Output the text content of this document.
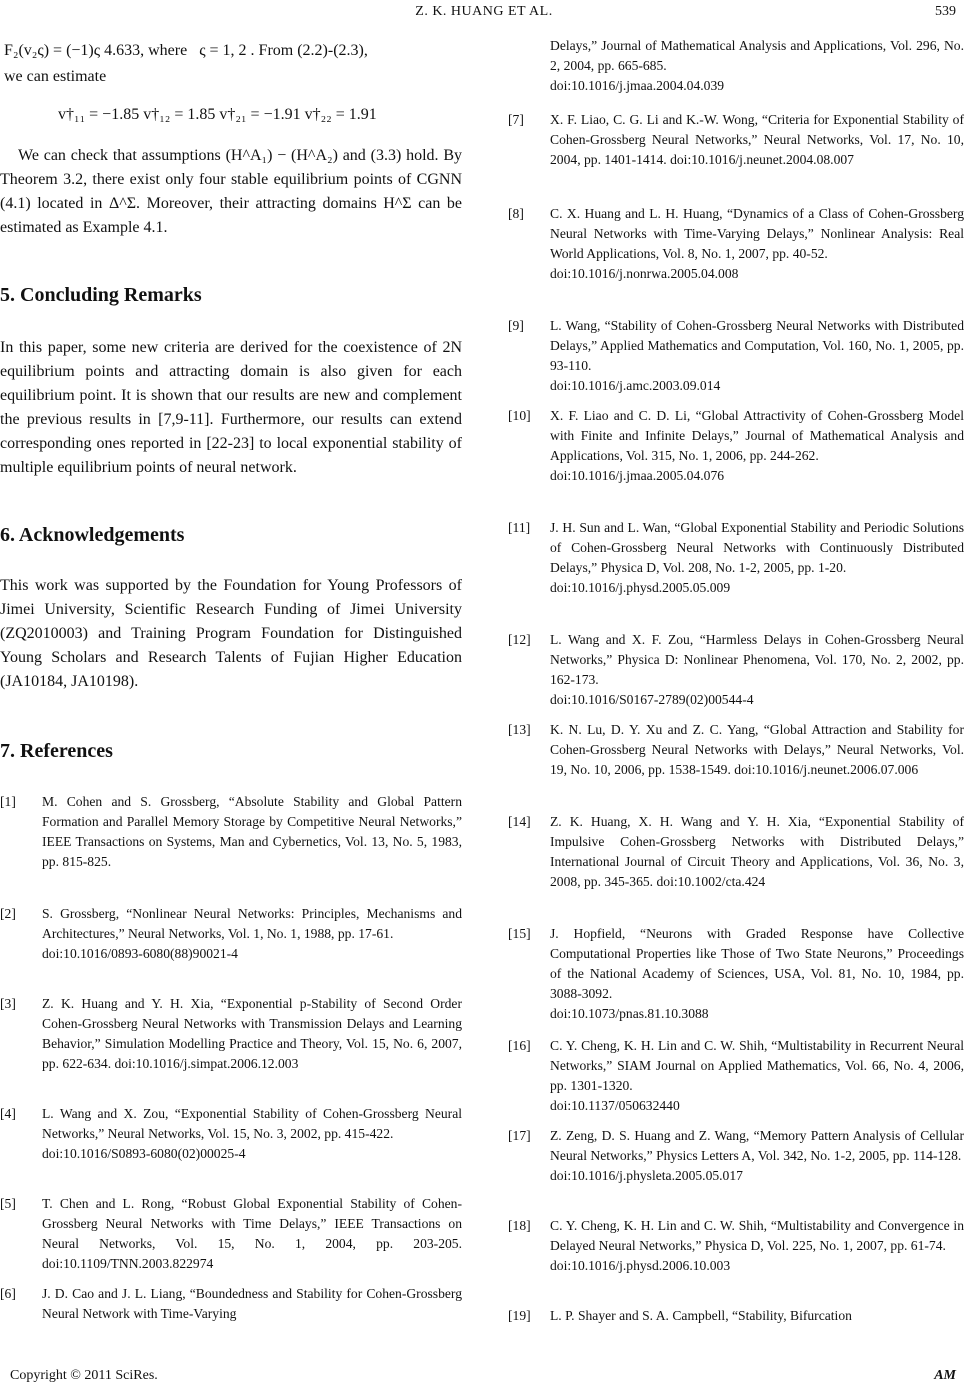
Z. K. HUANG ET AL.	539
F₂(v₂ς) = (−1)ς 4.633, where ς = 1, 2 . From (2.2)-(2.3),
we can estimate
v†₁₁ = −1.85 v†₁₂ = 1.85 v†₂₁ = −1.91 v†₂₂ = 1.91
We can check that assumptions (H^A₁) − (H^A₂) and (3.3) hold. By Theorem 3.2, there exist only four stable equilibrium points of CGNN (4.1) located in Δ^Σ. Moreover, their attracting domains H^Σ can be estimated as Example 4.1.
5. Concluding Remarks
In this paper, some new criteria are derived for the coexistence of 2N equilibrium points and attracting domain is also given for each equilibrium point. It is shown that our results are new and complement the previous results in [7,9-11]. Furthermore, our results can extend corresponding ones reported in [22-23] to local exponential stability of multiple equilibrium points of neural network.
6. Acknowledgements
This work was supported by the Foundation for Young Professors of Jimei University, Scientific Research Funding of Jimei University (ZQ2010003) and Training Program Foundation for Distinguished Young Scholars and Research Talents of Fujian Higher Education (JA10184, JA10198).
7. References
[1] M. Cohen and S. Grossberg, “Absolute Stability and Global Pattern Formation and Parallel Memory Storage by Competitive Neural Networks,” IEEE Transactions on Systems, Man and Cybernetics, Vol. 13, No. 5, 1983, pp. 815-825.
[2] S. Grossberg, “Nonlinear Neural Networks: Principles, Mechanisms and Architectures,” Neural Networks, Vol. 1, No. 1, 1988, pp. 17-61.
doi:10.1016/0893-6080(88)90021-4
[3] Z. K. Huang and Y. H. Xia, “Exponential p-Stability of Second Order Cohen-Grossberg Neural Networks with Transmission Delays and Learning Behavior,” Simulation Modelling Practice and Theory, Vol. 15, No. 6, 2007, pp. 622-634. doi:10.1016/j.simpat.2006.12.003
[4] L. Wang and X. Zou, “Exponential Stability of Cohen-Grossberg Neural Networks,” Neural Networks, Vol. 15, No. 3, 2002, pp. 415-422.
doi:10.1016/S0893-6080(02)00025-4
[5] T. Chen and L. Rong, “Robust Global Exponential Stability of Cohen-Grossberg Neural Networks with Time Delays,” IEEE Transactions on Neural Networks, Vol. 15, No. 1, 2004, pp. 203-205. doi:10.1109/TNN.2003.822974
[6] J. D. Cao and J. L. Liang, “Boundedness and Stability for Cohen-Grossberg Neural Network with Time-Varying
Delays,” Journal of Mathematical Analysis and Applications, Vol. 296, No. 2, 2004, pp. 665-685.
doi:10.1016/j.jmaa.2004.04.039
[7] X. F. Liao, C. G. Li and K.-W. Wong, “Criteria for Exponential Stability of Cohen-Grossberg Neural Networks,” Neural Networks, Vol. 17, No. 10, 2004, pp. 1401-1414. doi:10.1016/j.neunet.2004.08.007
[8] C. X. Huang and L. H. Huang, “Dynamics of a Class of Cohen-Grossberg Neural Networks with Time-Varying Delays,” Nonlinear Analysis: Real World Applications, Vol. 8, No. 1, 2007, pp. 40-52.
doi:10.1016/j.nonrwa.2005.04.008
[9] L. Wang, “Stability of Cohen-Grossberg Neural Networks with Distributed Delays,” Applied Mathematics and Computation, Vol. 160, No. 1, 2005, pp. 93-110.
doi:10.1016/j.amc.2003.09.014
[10] X. F. Liao and C. D. Li, “Global Attractivity of Cohen-Grossberg Model with Finite and Infinite Delays,” Journal of Mathematical Analysis and Applications, Vol. 315, No. 1, 2006, pp. 244-262.
doi:10.1016/j.jmaa.2005.04.076
[11] J. H. Sun and L. Wan, “Global Exponential Stability and Periodic Solutions of Cohen-Grossberg Neural Networks with Continuously Distributed Delays,” Physica D, Vol. 208, No. 1-2, 2005, pp. 1-20.
doi:10.1016/j.physd.2005.05.009
[12] L. Wang and X. F. Zou, “Harmless Delays in Cohen-Grossberg Neural Networks,” Physica D: Nonlinear Phenomena, Vol. 170, No. 2, 2002, pp. 162-173.
doi:10.1016/S0167-2789(02)00544-4
[13] K. N. Lu, D. Y. Xu and Z. C. Yang, “Global Attraction and Stability for Cohen-Grossberg Neural Networks with Delays,” Neural Networks, Vol. 19, No. 10, 2006, pp. 1538-1549. doi:10.1016/j.neunet.2006.07.006
[14] Z. K. Huang, X. H. Wang and Y. H. Xia, “Exponential Stability of Impulsive Cohen-Grossberg Networks with Distributed Delays,” International Journal of Circuit Theory and Applications, Vol. 36, No. 3, 2008, pp. 345-365. doi:10.1002/cta.424
[15] J. Hopfield, “Neurons with Graded Response have Collective Computational Properties like Those of Two State Neurons,” Proceedings of the National Academy of Sciences, USA, Vol. 81, No. 10, 1984, pp. 3088-3092.
doi:10.1073/pnas.81.10.3088
[16] C. Y. Cheng, K. H. Lin and C. W. Shih, “Multistability in Recurrent Neural Networks,” SIAM Journal on Applied Mathematics, Vol. 66, No. 4, 2006, pp. 1301-1320.
doi:10.1137/050632440
[17] Z. Zeng, D. S. Huang and Z. Wang, “Memory Pattern Analysis of Cellular Neural Networks,” Physics Letters A, Vol. 342, No. 1-2, 2005, pp. 114-128.
doi:10.1016/j.physleta.2005.05.017
[18] C. Y. Cheng, K. H. Lin and C. W. Shih, “Multistability and Convergence in Delayed Neural Networks,” Physica D, Vol. 225, No. 1, 2007, pp. 61-74.
doi:10.1016/j.physd.2006.10.003
[19] L. P. Shayer and S. A. Campbell, “Stability, Bifurcation
Copyright © 2011 SciRes.	AM
